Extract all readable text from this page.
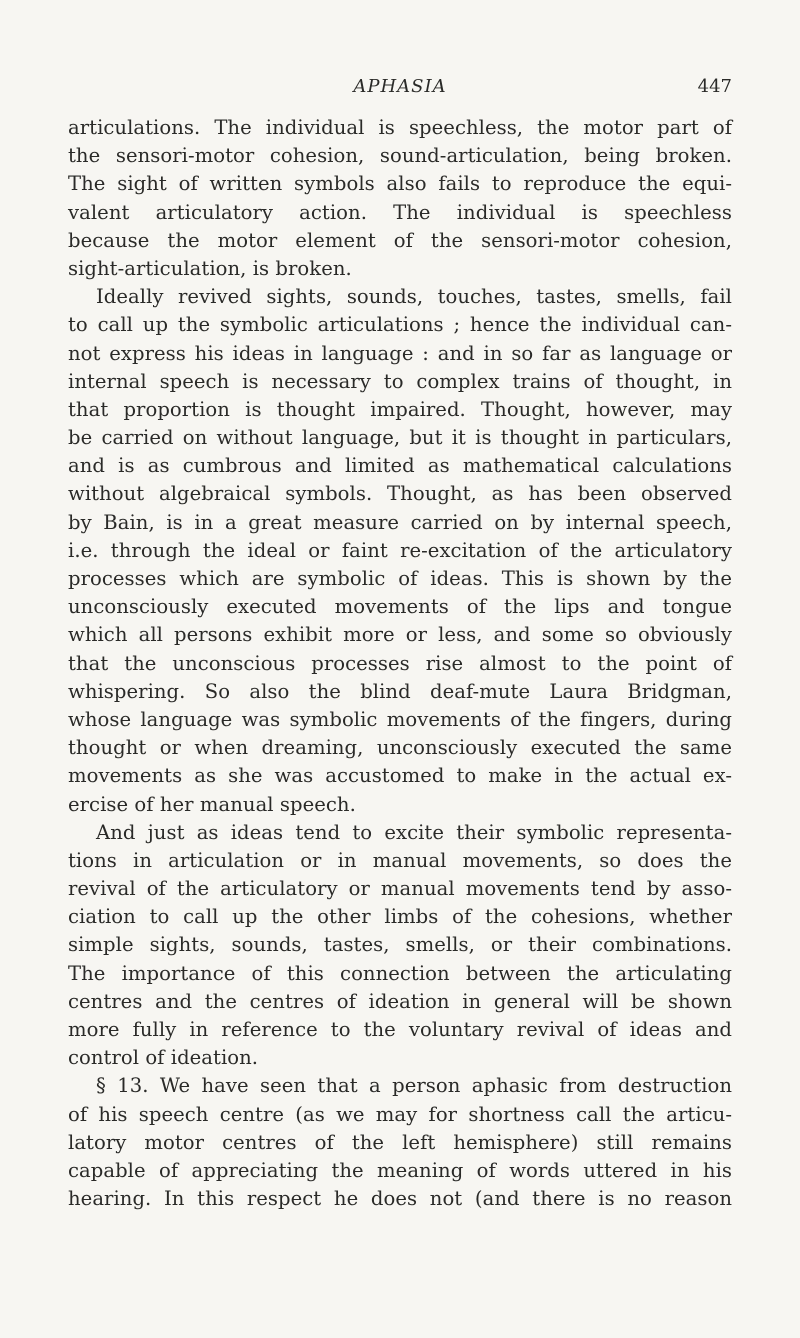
APHASIA	447
articulations. The individual is speechless, the motor part of
the sensori-motor cohesion, sound-articulation, being broken.
The sight of written symbols also fails to reproduce the equi-
valent articulatory action. The individual is speechless
because the motor element of the sensori-motor cohesion,
sight-articulation, is broken.
Ideally revived sights, sounds, touches, tastes, smells, fail
to call up the symbolic articulations ; hence the individual can-
not express his ideas in language : and in so far as language or
internal speech is necessary to complex trains of thought, in
that proportion is thought impaired. Thought, however, may
be carried on without language, but it is thought in particulars,
and is as cumbrous and limited as mathematical calculations
without algebraical symbols. Thought, as has been observed
by Bain, is in a great measure carried on by internal speech,
i.e. through the ideal or faint re-excitation of the articulatory
processes which are symbolic of ideas. This is shown by the
unconsciously executed movements of the lips and tongue
which all persons exhibit more or less, and some so obviously
that the unconscious processes rise almost to the point of
whispering. So also the blind deaf-mute Laura Bridgman,
whose language was symbolic movements of the fingers, during
thought or when dreaming, unconsciously executed the same
movements as she was accustomed to make in the actual ex-
ercise of her manual speech.
And just as ideas tend to excite their symbolic representa-
tions in articulation or in manual movements, so does the
revival of the articulatory or manual movements tend by asso-
ciation to call up the other limbs of the cohesions, whether
simple sights, sounds, tastes, smells, or their combinations.
The importance of this connection between the articulating
centres and the centres of ideation in general will be shown
more fully in reference to the voluntary revival of ideas and
control of ideation.
§ 13. We have seen that a person aphasic from destruction
of his speech centre (as we may for shortness call the articu-
latory motor centres of the left hemisphere) still remains
capable of appreciating the meaning of words uttered in his
hearing. In this respect he does not (and there is no reason
